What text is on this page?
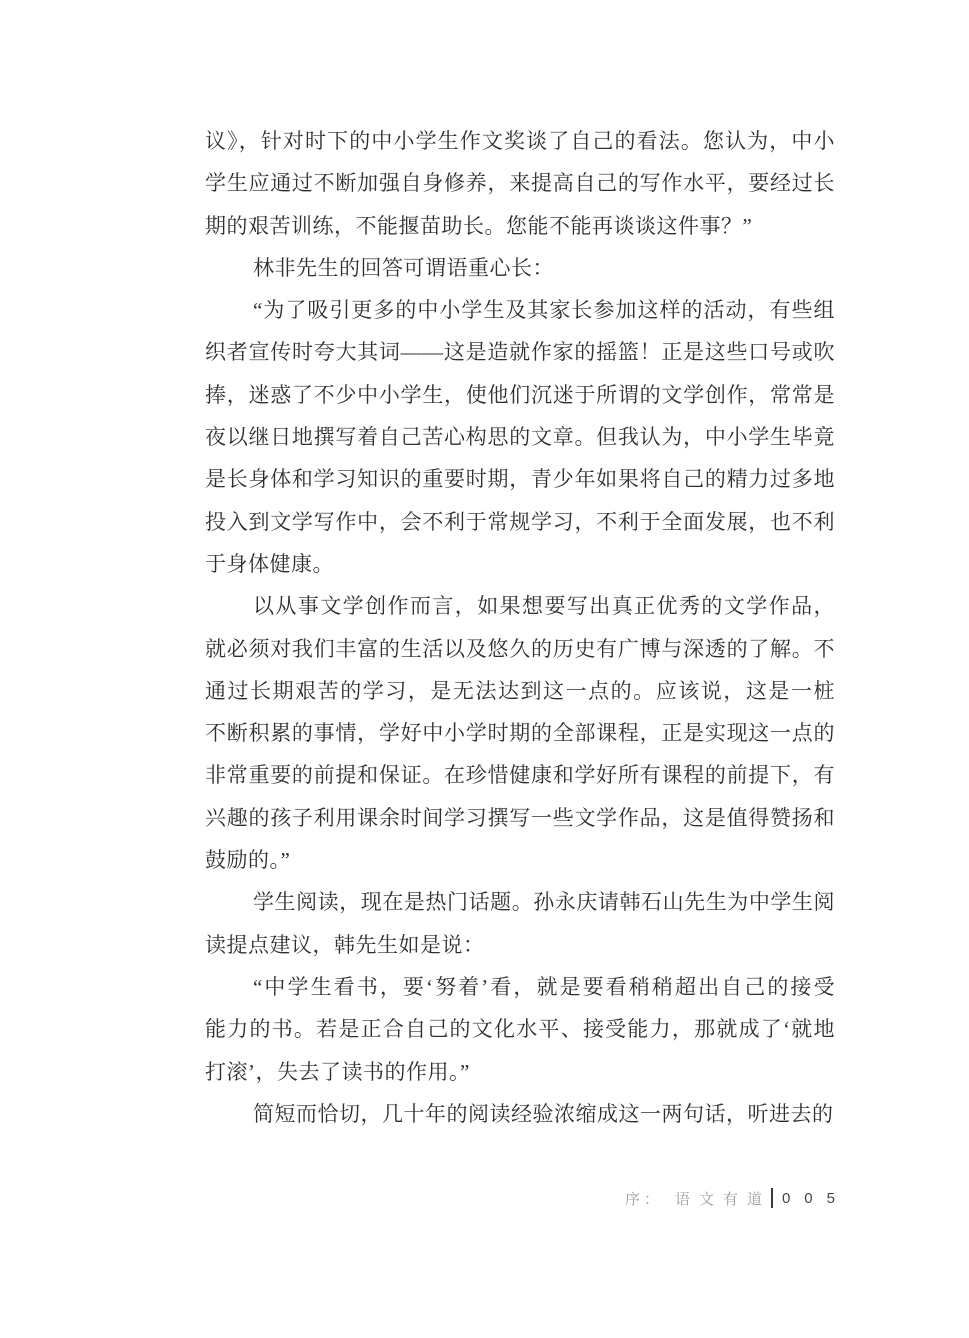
议》，针对时下的中小学生作文奖谈了自己的看法。您认为，中小
学生应通过不断加强自身修养，来提高自己的写作水平，要经过长
期的艰苦训练，不能揠苗助长。您能不能再谈谈这件事？”
林非先生的回答可谓语重心长：
“为了吸引更多的中小学生及其家长参加这样的活动，有些组
织者宣传时夸大其词——这是造就作家的摇篮！正是这些口号或吹
捧，迷惑了不少中小学生，使他们沉迷于所谓的文学创作，常常是
夜以继日地撰写着自己苦心构思的文章。但我认为，中小学生毕竟
是长身体和学习知识的重要时期，青少年如果将自己的精力过多地
投入到文学写作中，会不利于常规学习，不利于全面发展，也不利
于身体健康。
以从事文学创作而言，如果想要写出真正优秀的文学作品，
就必须对我们丰富的生活以及悠久的历史有广博与深透的了解。不
通过长期艰苦的学习，是无法达到这一点的。应该说，这是一桩
不断积累的事情，学好中小学时期的全部课程，正是实现这一点的
非常重要的前提和保证。在珍惜健康和学好所有课程的前提下，有
兴趣的孩子利用课余时间学习撰写一些文学作品，这是值得赞扬和
鼓励的。”
学生阅读，现在是热门话题。孙永庆请韩石山先生为中学生阅
读提点建议，韩先生如是说：
“中学生看书，要‘努着’看，就是要看稍稍超出自己的接受
能力的书。若是正合自己的文化水平、接受能力，那就成了‘就地
打滚’，失去了读书的作用。”
简短而恰切，几十年的阅读经验浓缩成这一两句话，听进去的
序： 语文有道 005
